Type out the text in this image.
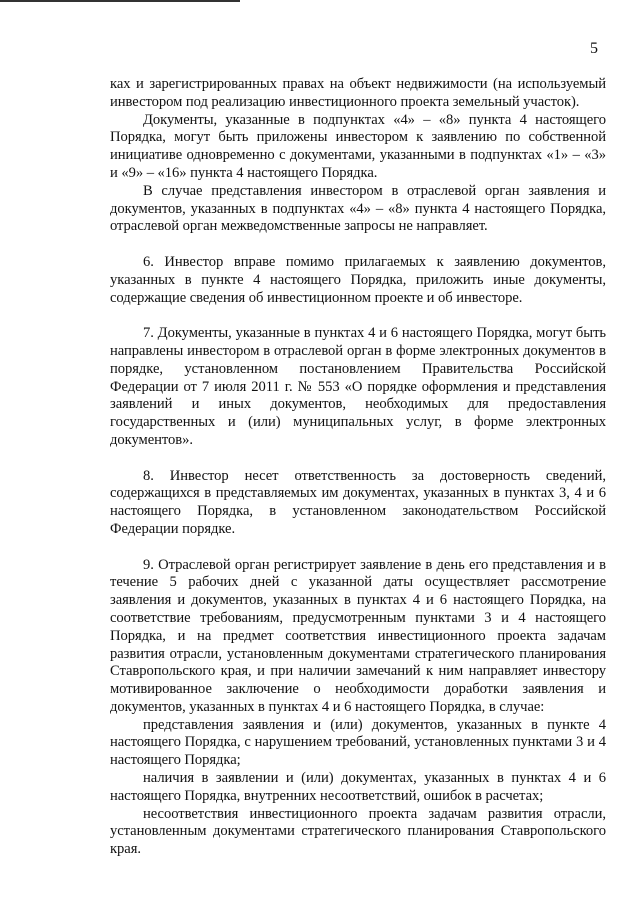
5

ках и зарегистрированных правах на объект недвижимости (на используемый инвестором под реализацию инвестиционного проекта земельный участок).

Документы, указанные в подпунктах «4» – «8» пункта 4 настоящего Порядка, могут быть приложены инвестором к заявлению по собственной инициативе одновременно с документами, указанными в подпунктах «1» – «3» и «9» – «16» пункта 4 настоящего Порядка.

В случае представления инвестором в отраслевой орган заявления и документов, указанных в подпунктах «4» – «8» пункта 4 настоящего Порядка, отраслевой орган межведомственные запросы не направляет.

6. Инвестор вправе помимо прилагаемых к заявлению документов, указанных в пункте 4 настоящего Порядка, приложить иные документы, содержащие сведения об инвестиционном проекте и об инвесторе.

7. Документы, указанные в пунктах 4 и 6 настоящего Порядка, могут быть направлены инвестором в отраслевой орган в форме электронных документов в порядке, установленном постановлением Правительства Российской Федерации от 7 июля 2011 г. № 553 «О порядке оформления и представления заявлений и иных документов, необходимых для предоставления государственных и (или) муниципальных услуг, в форме электронных документов».

8. Инвестор несет ответственность за достоверность сведений, содержащихся в представляемых им документах, указанных в пунктах 3, 4 и 6 настоящего Порядка, в установленном законодательством Российской Федерации порядке.

9. Отраслевой орган регистрирует заявление в день его представления и в течение 5 рабочих дней с указанной даты осуществляет рассмотрение заявления и документов, указанных в пунктах 4 и 6 настоящего Порядка, на соответствие требованиям, предусмотренным пунктами 3 и 4 настоящего Порядка, и на предмет соответствия инвестиционного проекта задачам развития отрасли, установленным документами стратегического планирования Ставропольского края, и при наличии замечаний к ним направляет инвестору мотивированное заключение о необходимости доработки заявления и документов, указанных в пунктах 4 и 6 настоящего Порядка, в случае:

представления заявления и (или) документов, указанных в пункте 4 настоящего Порядка, с нарушением требований, установленных пунктами 3 и 4 настоящего Порядка;

наличия в заявлении и (или) документах, указанных в пунктах 4 и 6 настоящего Порядка, внутренних несоответствий, ошибок в расчетах;

несоответствия инвестиционного проекта задачам развития отрасли, установленным документами стратегического планирования Ставропольского края.
